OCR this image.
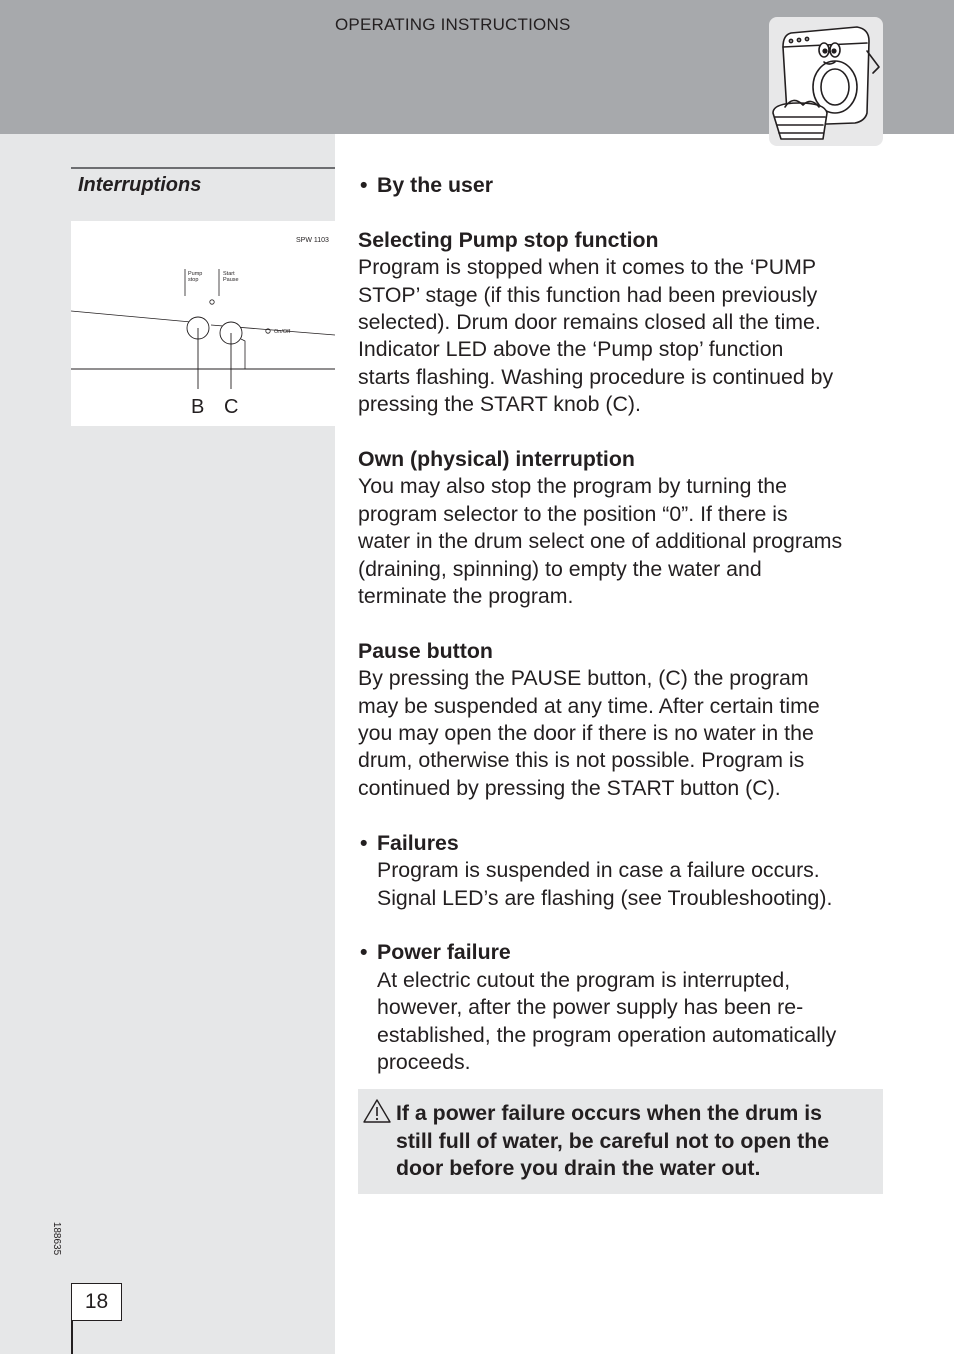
OPERATING INSTRUCTIONS
Interruptions
SPW 1103
Pump
stop
Start
Pause
On/Off
B C
188635
18

• By the user

Selecting Pump stop function

Program is stopped when it comes to the ‘PUMP

STOP’ stage (if this function had been previously

selected). Drum door remains closed all the time.

Indicator LED above the ‘Pump stop’ function

starts flashing. Washing procedure is continued by

pressing the START knob (C).

Own (physical) interruption

You may also stop the program by turning the

program selector to the position “0”. If there is

water in the drum select one of additional programs

(draining, spinning) to empty the water and

terminate the program.

Pause button

By pressing the PAUSE button, (C) the program

may be suspended at any time. After certain time

you may open the door if there is no water in the

drum, otherwise this is not possible. Program is

continued by pressing the START button (C).

• Failures

Program is suspended in case a failure occurs.

Signal LED’s are flashing (see Troubleshooting).

• Power failure

At electric cutout the program is interrupted,

however, after the power supply has been re-

established, the program operation automatically

proceeds.

If a power failure occurs when the drum is

still full of water, be careful not to open the

door before you drain the water out.
